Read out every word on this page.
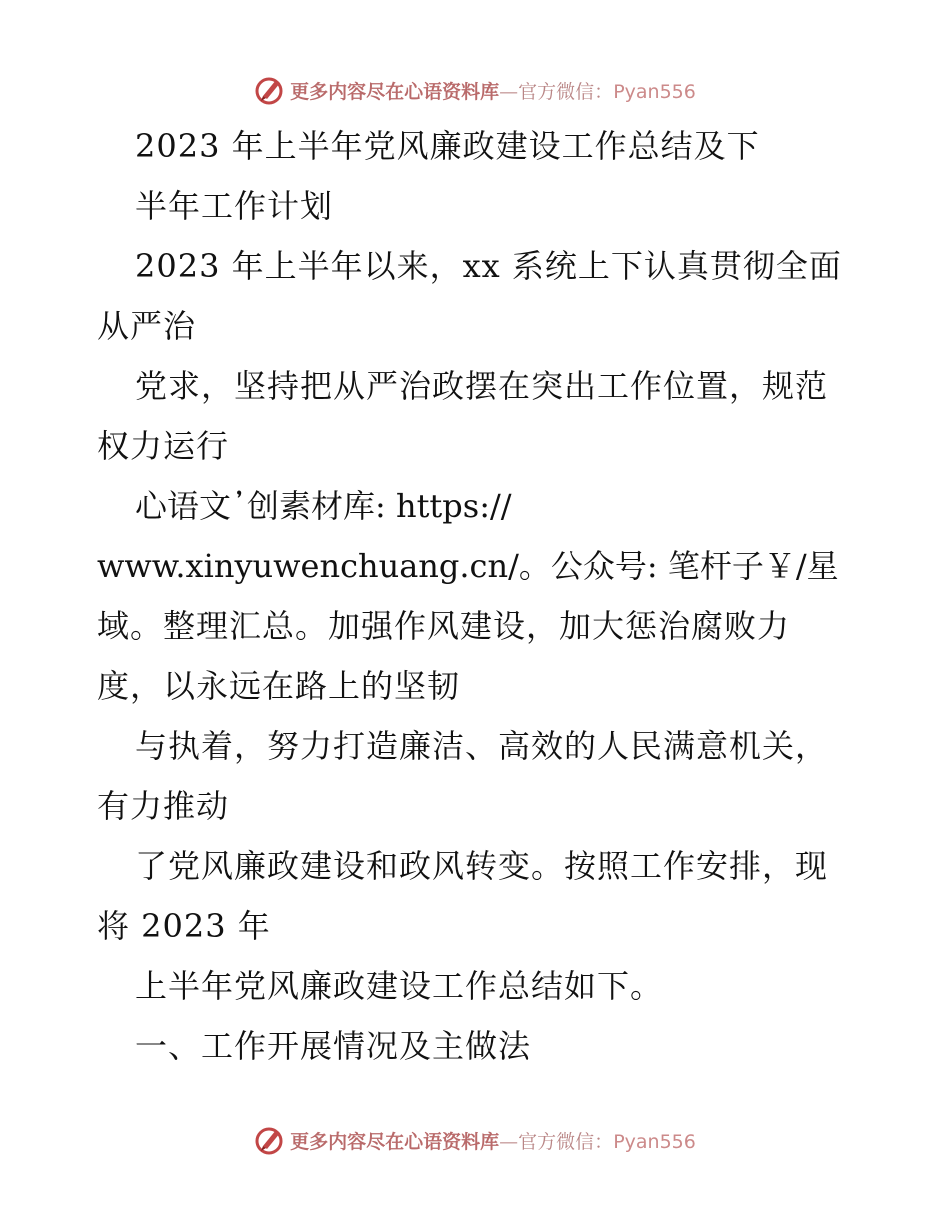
更多内容尽在心语资料库—官方微信：Pyan556
2023 年上半年党风廉政建设工作总结及下
半年工作计划
2023 年上半年以来，xx 系统上下认真贯彻全面
从严治
党求，坚持把从严治政摆在突出工作位置，规范
权力运行
心语文᾽创素材库: https://
www.xinyuwenchuang.cn/。公众号: 笔杆子￥/星
域。整理汇总。加强作风建设，加大惩治腐败力
度，以永远在路上的坚韧
与执着，努力打造廉洁、高效的人民满意机关，
有力推动
了党风廉政建设和政风转变。按照工作安排，现
将 2023 年
上半年党风廉政建设工作总结如下。
一、工作开展情况及主做法
更多内容尽在心语资料库—官方微信：Pyan556
